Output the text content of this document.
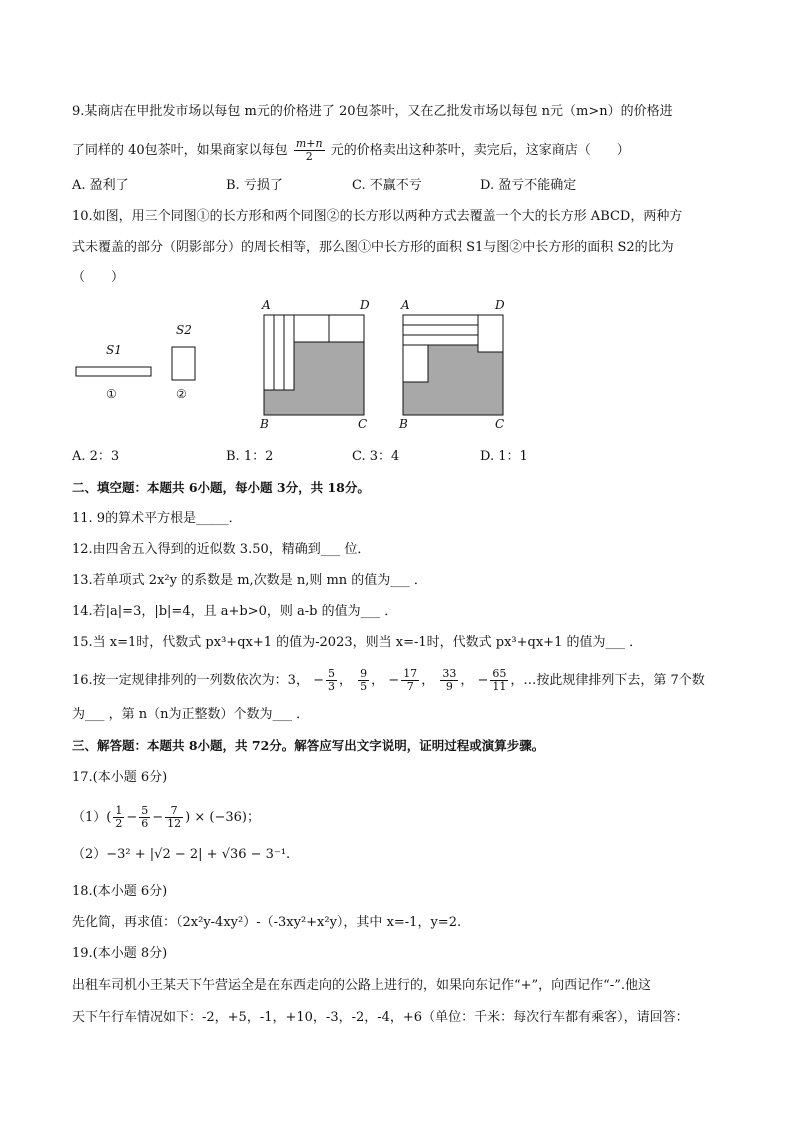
9.某商店在甲批发市场以每包 m元的价格进了 20包茶叶，又在乙批发市场以每包 n元（m>n）的价格进
了同样的 40包茶叶，如果商家以每包 $\frac{m+n}{2}$ 元的价格卖出这种茶叶，卖完后，这家商店（　　）
A. 盈利了	B. 亏损了	C. 不赢不亏	D. 盈亏不能确定
10.如图，用三个同图①的长方形和两个同图②的长方形以两种方式去覆盖一个大的长方形 ABCD，两种方
式未覆盖的部分（阴影部分）的周长相等，那么图①中长方形的面积 S1与图②中长方形的面积 S2的比为
（　　）
S1
S2
①	②
A	D
B	C
A	D
B	C
A. 2：3	B. 1：2	C. 3：4	D. 1：1
二、填空题：本题共 6小题，每小题 3分，共 18分。
11. 9的算术平方根是_____．
12.由四舍五入得到的近似数 3.50，精确到___ 位．
13.若单项式 2x²y 的系数是 m,次数是 n,则 mn 的值为___ ．
14.若|a|=3，|b|=4，且 a+b>0，则 a-b 的值为___ ．
15.当 x=1时，代数式 px³+qx+1 的值为-2023，则当 x=-1时，代数式 px³+qx+1 的值为___ ．
16.按一定规律排列的一列数依次为：3， − $\frac{5}{3}$ ， $\frac{9}{5}$ ， − $\frac{17}{7}$ ， $\frac{33}{9}$ ， − $\frac{65}{11}$ ，…按此规律排列下去，第 7个数
为___ ，第 n（n为正整数）个数为___ ．
三、解答题：本题共 8小题，共 72分。解答应写出文字说明，证明过程或演算步骤。
17.(本小题 6分)
$(1)( \frac{1}{2} - \frac{5}{6} - \frac{7}{12}$ ) × (−36)；
（2）−3² + |√2 − 2| + √36 − 3⁻¹.
18.(本小题 6分)
先化简，再求值：（2x²y-4xy²）-（-3xy²+x²y），其中 x=-1，y=2.
19.(本小题 8分)
出租车司机小王某天下午营运全是在东西走向的公路上进行的，如果向东记作“+”，向西记作“-”.他这
天下午行车情况如下：-2，+5，-1，+10，-3，-2，-4，+6（单位：千米：每次行车都有乘客），请回答：
